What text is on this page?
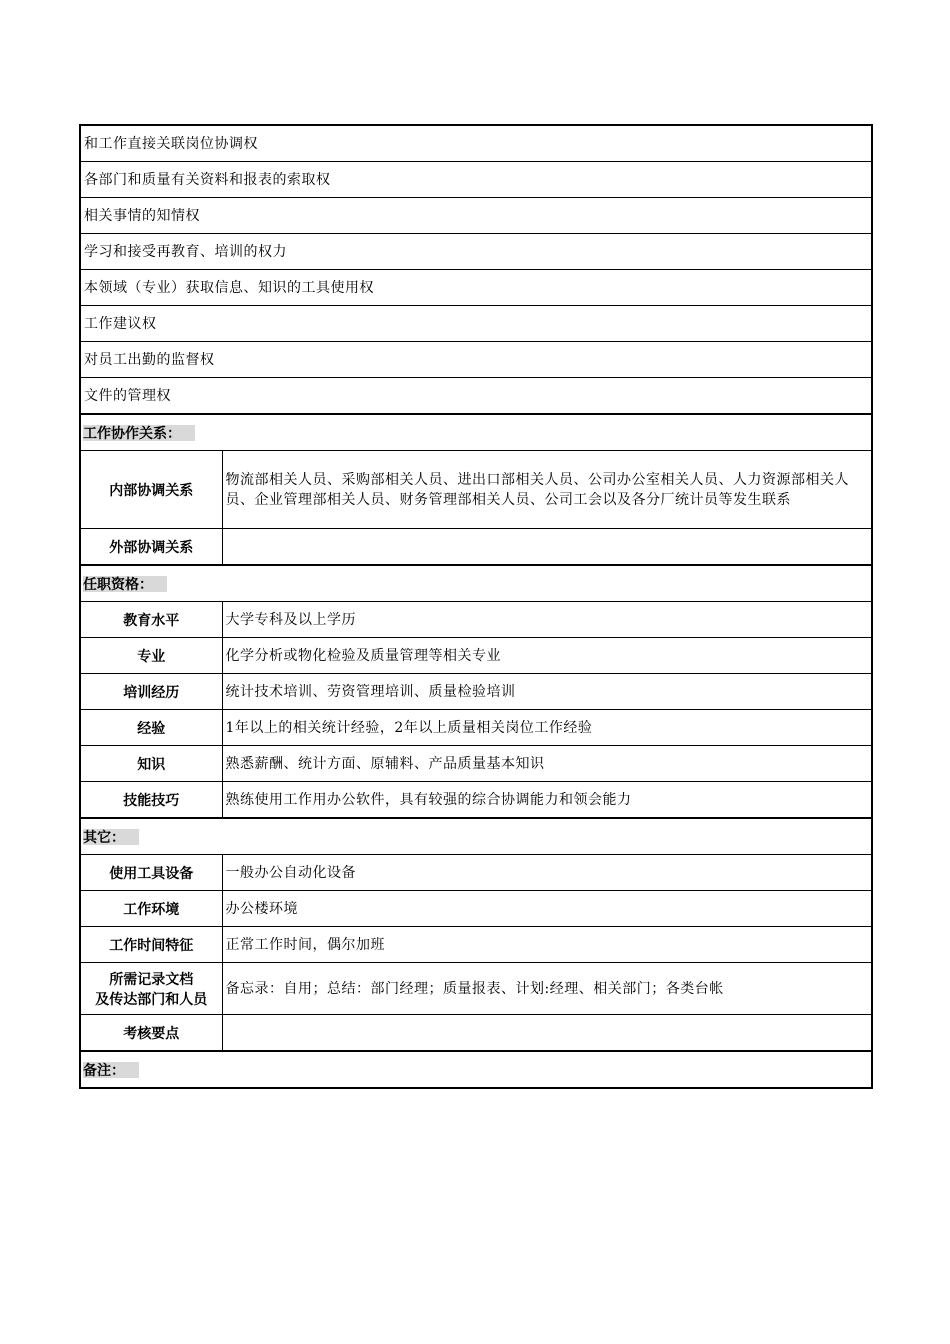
和工作直接关联岗位协调权	
各部门和质量有关资料和报表的索取权	
相关事情的知情权	
学习和接受再教育、培训的权力	
本领域（专业）获取信息、知识的工具使用权	
工作建议权	
对员工出勤的监督权	
文件的管理权	
工作协作关系：	
内部协调关系	物流部相关人员、采购部相关人员、进出口部相关人员、公司办公室相关人员、人力资源部相关人员、企业管理部相关人员、财务管理部相关人员、公司工会以及各分厂统计员等发生联系
外部协调关系	
任职资格：	
教育水平	大学专科及以上学历
专业	化学分析或物化检验及质量管理等相关专业
培训经历	统计技术培训、劳资管理培训、质量检验培训
经验	1年以上的相关统计经验，2年以上质量相关岗位工作经验
知识	熟悉薪酬、统计方面、原辅料、产品质量基本知识
技能技巧	熟练使用工作用办公软件，具有较强的综合协调能力和领会能力
其它：	
使用工具设备	一般办公自动化设备
工作环境	办公楼环境
工作时间特征	正常工作时间，偶尔加班

所需记录文档
及传达部门和人员	备忘录：自用；总结：部门经理；质量报表、计划:经理、相关部门；各类台帐
考核要点	
备注：	
